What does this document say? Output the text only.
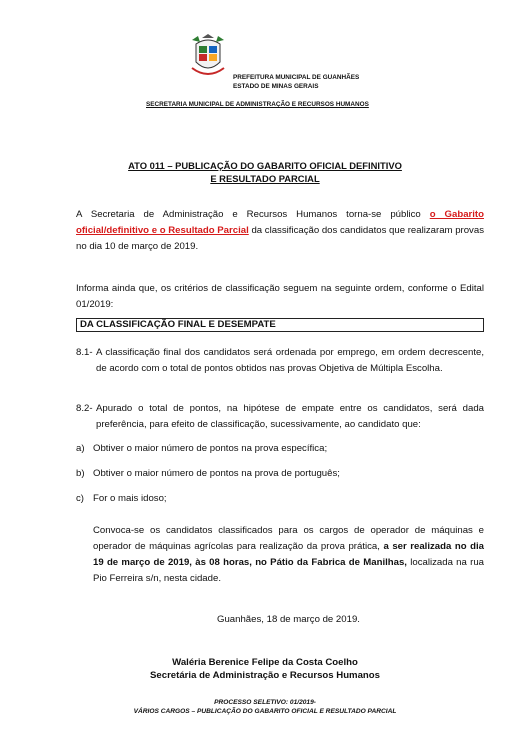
PREFEITURA MUNICIPAL DE GUANHÃES
ESTADO DE MINAS GERAIS
SECRETARIA MUNICIPAL DE ADMINISTRAÇÃO E RECURSOS HUMANOS
ATO 011 – PUBLICAÇÃO DO GABARITO OFICIAL DEFINITIVO
E RESULTADO PARCIAL
A Secretaria de Administração e Recursos Humanos torna-se público o Gabarito oficial/definitivo e o Resultado Parcial da classificação dos candidatos que realizaram provas no dia 10 de março de 2019.
Informa ainda que, os critérios de classificação seguem na seguinte ordem, conforme o Edital 01/2019:
DA CLASSIFICAÇÃO FINAL E DESEMPATE
8.1- A classificação final dos candidatos será ordenada por emprego, em ordem decrescente, de acordo com o total de pontos obtidos nas provas Objetiva de Múltipla Escolha.
8.2- Apurado o total de pontos, na hipótese de empate entre os candidatos, será dada preferência, para efeito de classificação, sucessivamente, ao candidato que:
a) Obtiver o maior número de pontos na prova específica;
b) Obtiver o maior número de pontos na prova de português;
c) For o mais idoso;
Convoca-se os candidatos classificados para os cargos de operador de máquinas e operador de máquinas agrícolas para realização da prova prática, a ser realizada no dia 19 de março de 2019, às 08 horas, no Pátio da Fabrica de Manilhas, localizada na rua Pio Ferreira s/n, nesta cidade.
Guanhães, 18 de março de 2019.
Waléria Berenice Felipe da Costa Coelho
Secretária de Administração e Recursos Humanos
PROCESSO SELETIVO: 01/2019-
VÁRIOS CARGOS – PUBLICAÇÃO DO GABARITO OFICIAL E RESULTADO PARCIAL
